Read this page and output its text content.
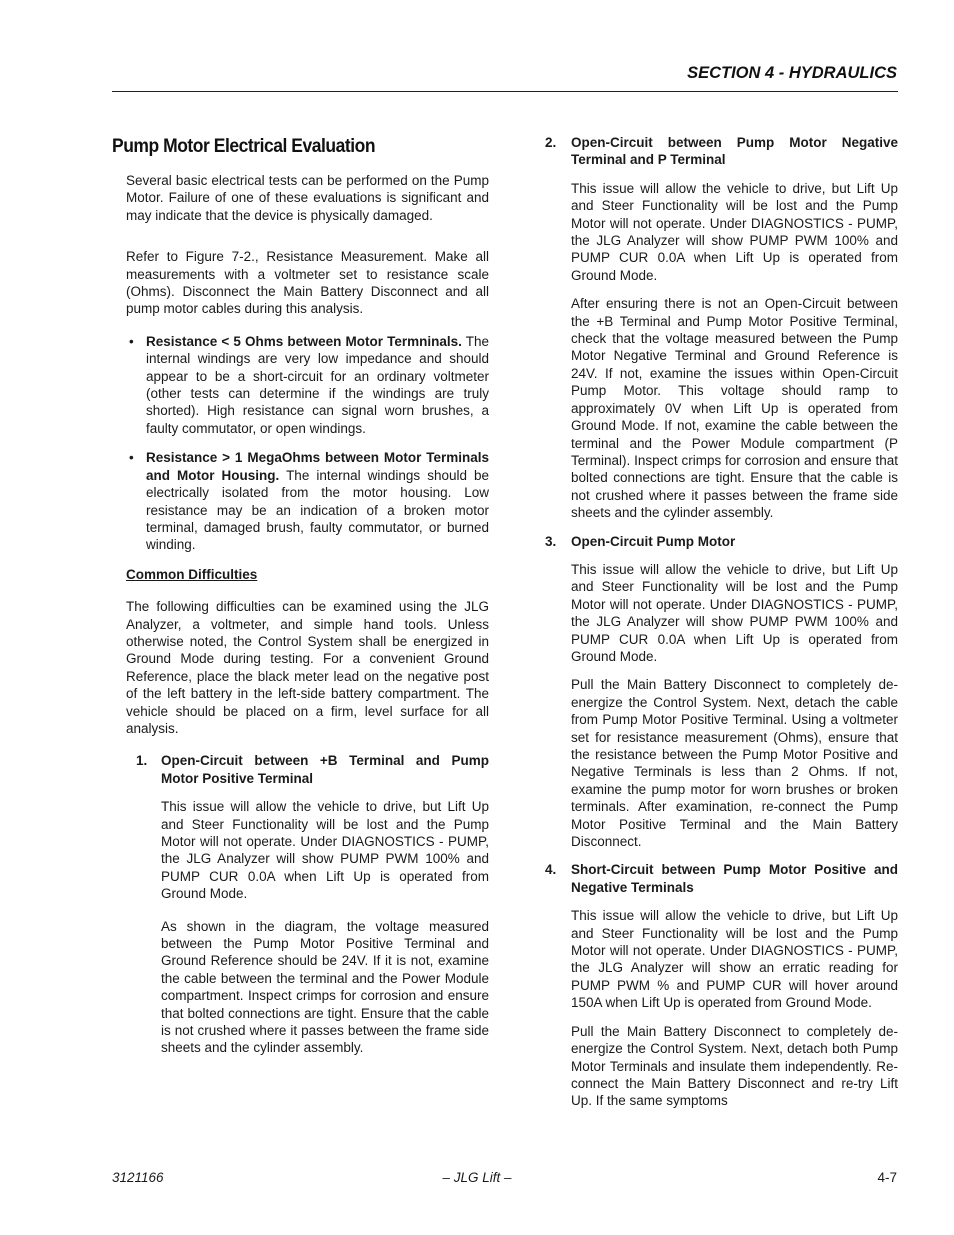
SECTION 4 - HYDRAULICS
Pump Motor Electrical Evaluation

Several basic electrical tests can be performed on the Pump Motor. Failure of one of these evaluations is significant and may indicate that the device is physically damaged.

Refer to Figure 7-2., Resistance Measurement. Make all measurements with a voltmeter set to resistance scale (Ohms). Disconnect the Main Battery Disconnect and all pump motor cables during this analysis.

• Resistance < 5 Ohms between Motor Termninals. The internal windings are very low impedance and should appear to be a short-circuit for an ordinary voltmeter (other tests can determine if the windings are truly shorted). High resistance can signal worn brushes, a faulty commutator, or open windings.

• Resistance > 1 MegaOhms between Motor Terminals and Motor Housing. The internal windings should be electrically isolated from the motor housing. Low resistance may be an indication of a broken motor terminal, damaged brush, faulty commutator, or burned winding.

Common Difficulties

The following difficulties can be examined using the JLG Analyzer, a voltmeter, and simple hand tools. Unless otherwise noted, the Control System shall be energized in Ground Mode during testing. For a convenient Ground Reference, place the black meter lead on the negative post of the left battery in the left-side battery compartment. The vehicle should be placed on a firm, level surface for all analysis.

1. Open-Circuit between +B Terminal and Pump Motor Positive Terminal

This issue will allow the vehicle to drive, but Lift Up and Steer Functionality will be lost and the Pump Motor will not operate. Under DIAGNOSTICS - PUMP, the JLG Analyzer will show PUMP PWM 100% and PUMP CUR 0.0A when Lift Up is operated from Ground Mode.

As shown in the diagram, the voltage measured between the Pump Motor Positive Terminal and Ground Reference should be 24V. If it is not, examine the cable between the terminal and the Power Module compartment. Inspect crimps for corrosion and ensure that bolted connections are tight. Ensure that the cable is not crushed where it passes between the frame side sheets and the cylinder assembly.

2. Open-Circuit between Pump Motor Negative Terminal and P Terminal

This issue will allow the vehicle to drive, but Lift Up and Steer Functionality will be lost and the Pump Motor will not operate. Under DIAGNOSTICS - PUMP, the JLG Analyzer will show PUMP PWM 100% and PUMP CUR 0.0A when Lift Up is operated from Ground Mode.

After ensuring there is not an Open-Circuit between the +B Terminal and Pump Motor Positive Terminal, check that the voltage measured between the Pump Motor Negative Terminal and Ground Reference is 24V. If not, examine the issues within Open-Circuit Pump Motor. This voltage should ramp to approximately 0V when Lift Up is operated from Ground Mode. If not, examine the cable between the terminal and the Power Module compartment (P Terminal). Inspect crimps for corrosion and ensure that bolted connections are tight. Ensure that the cable is not crushed where it passes between the frame side sheets and the cylinder assembly.

3. Open-Circuit Pump Motor

This issue will allow the vehicle to drive, but Lift Up and Steer Functionality will be lost and the Pump Motor will not operate. Under DIAGNOSTICS - PUMP, the JLG Analyzer will show PUMP PWM 100% and PUMP CUR 0.0A when Lift Up is operated from Ground Mode.

Pull the Main Battery Disconnect to completely de-energize the Control System. Next, detach the cable from Pump Motor Positive Terminal. Using a voltmeter set for resistance measurement (Ohms), ensure that the resistance between the Pump Motor Positive and Negative Terminals is less than 2 Ohms. If not, examine the pump motor for worn brushes or broken terminals. After examination, re-connect the Pump Motor Positive Terminal and the Main Battery Disconnect.

4. Short-Circuit between Pump Motor Positive and Negative Terminals

This issue will allow the vehicle to drive, but Lift Up and Steer Functionality will be lost and the Pump Motor will not operate. Under DIAGNOSTICS - PUMP, the JLG Analyzer will show an erratic reading for PUMP PWM % and PUMP CUR will hover around 150A when Lift Up is operated from Ground Mode.

Pull the Main Battery Disconnect to completely de-energize the Control System. Next, detach both Pump Motor Terminals and insulate them independently. Re-connect the Main Battery Disconnect and re-try Lift Up. If the same symptoms

3121166	– JLG Lift –	4-7
